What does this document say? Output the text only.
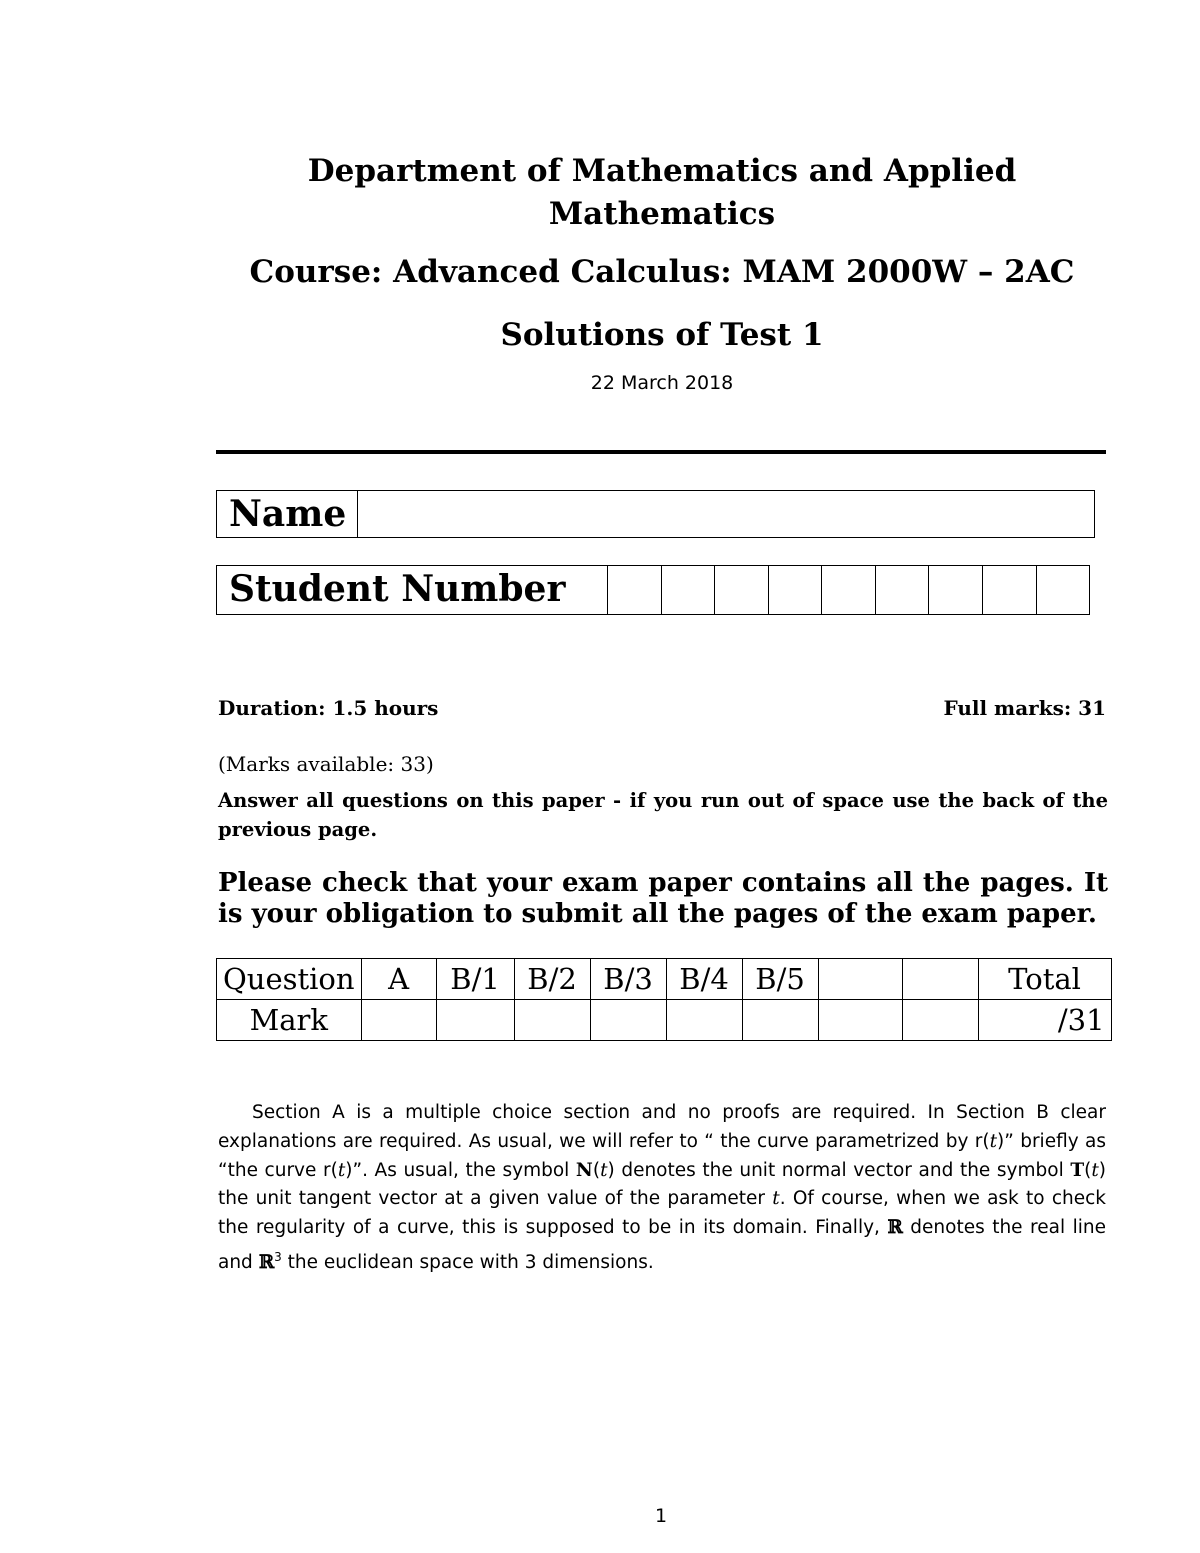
Department of Mathematics and Applied Mathematics
Course: Advanced Calculus: MAM 2000W – 2AC
Solutions of Test 1
22 March 2018
Name
Student Number
Duration: 1.5 hours	Full marks: 31
(Marks available: 33)
Answer all questions on this paper - if you run out of space use the back of the previous page.
Please check that your exam paper contains all the pages. It is your obligation to submit all the pages of the exam paper.
Question	A	B/1	B/2	B/3	B/4	B/5			Total
Mark									/31
Section A is a multiple choice section and no proofs are required. In Section B clear explanations are required. As usual, we will refer to “ the curve parametrized by r(t)” briefly as “the curve r(t)”. As usual, the symbol N(t) denotes the unit normal vector and the symbol T(t) the unit tangent vector at a given value of the parameter t. Of course, when we ask to check the regularity of a curve, this is supposed to be in its domain. Finally, ℝ denotes the real line and ℝ$^3$ the euclidean space with 3 dimensions.
1
